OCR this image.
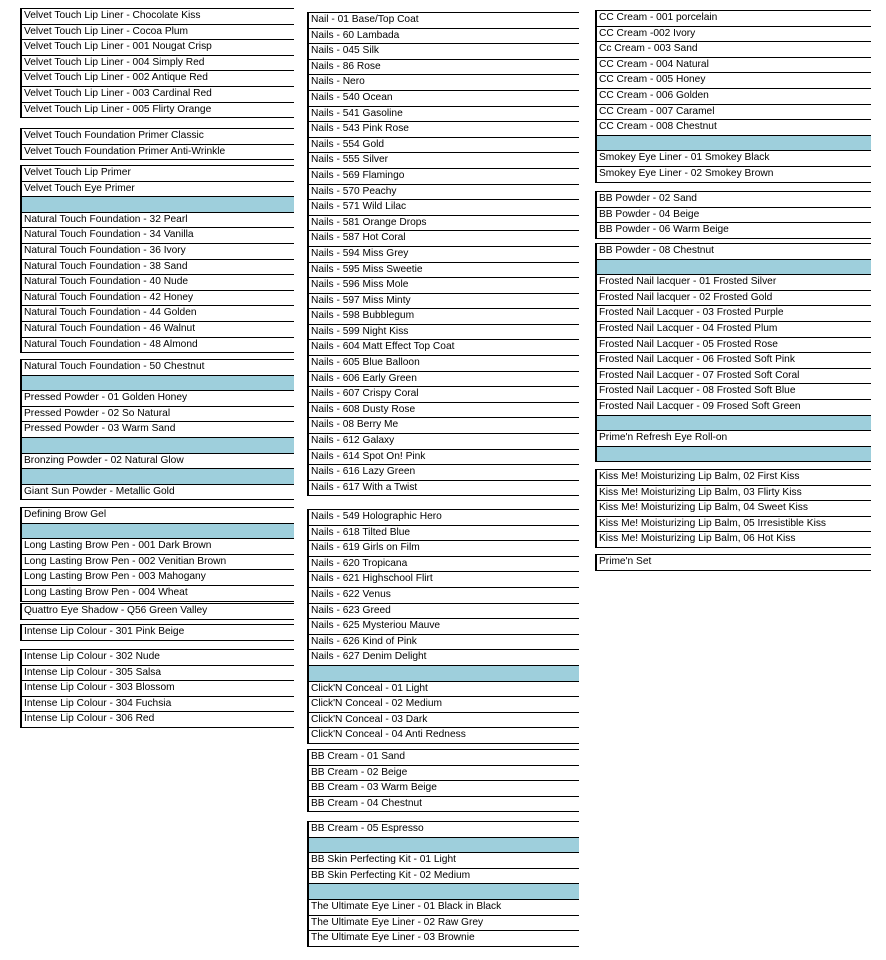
Velvet Touch Lip Liner - Chocolate Kiss
Velvet Touch Lip Liner - Cocoa Plum
Velvet Touch Lip Liner - 001 Nougat Crisp
Velvet Touch Lip Liner - 004 Simply Red
Velvet Touch Lip Liner - 002 Antique Red
Velvet Touch Lip Liner - 003 Cardinal Red
Velvet Touch Lip Liner - 005 Flirty Orange
Velvet Touch Foundation Primer Classic
Velvet Touch Foundation Primer Anti-Wrinkle
Velvet Touch Lip Primer
Velvet Touch Eye Primer
Natural Touch Foundation - 32 Pearl
Natural Touch Foundation - 34 Vanilla
Natural Touch Foundation - 36 Ivory
Natural Touch Foundation - 38 Sand
Natural Touch Foundation - 40 Nude
Natural Touch Foundation - 42 Honey
Natural Touch Foundation - 44 Golden
Natural Touch Foundation - 46 Walnut
Natural Touch Foundation - 48 Almond
Natural Touch Foundation - 50 Chestnut
Pressed Powder - 01 Golden Honey
Pressed Powder - 02 So Natural
Pressed Powder - 03 Warm Sand
Bronzing Powder - 02 Natural Glow
Giant Sun Powder - Metallic Gold
Defining Brow Gel
Long Lasting Brow Pen - 001 Dark Brown
Long Lasting Brow Pen - 002 Venitian Brown
Long Lasting Brow Pen - 003 Mahogany
Long Lasting Brow Pen - 004 Wheat
Quattro Eye Shadow - Q56 Green Valley
Intense Lip Colour - 301 Pink Beige
Intense Lip Colour - 302 Nude
Intense Lip Colour - 305 Salsa
Intense Lip Colour - 303 Blossom
Intense Lip Colour - 304 Fuchsia
Intense Lip Colour - 306 Red
Nail - 01 Base/Top Coat
Nails - 60 Lambada
Nails - 045 Silk
Nails - 86 Rose
Nails - Nero
Nails - 540 Ocean
Nails - 541 Gasoline
Nails - 543 Pink Rose
Nails - 554 Gold
Nails - 555 Silver
Nails - 569 Flamingo
Nails - 570 Peachy
Nails - 571 Wild Lilac
Nails - 581 Orange Drops
Nails - 587 Hot Coral
Nails - 594 Miss Grey
Nails - 595 Miss Sweetie
Nails - 596 Miss Mole
Nails - 597 Miss Minty
Nails - 598 Bubblegum
Nails - 599 Night Kiss
Nails - 604 Matt Effect Top Coat
Nails - 605 Blue Balloon
Nails - 606 Early Green
Nails - 607 Crispy Coral
Nails - 608 Dusty Rose
Nails - 08 Berry Me
Nails - 612 Galaxy
Nails - 614 Spot On! Pink
Nails - 616 Lazy Green
Nails - 617 With a Twist
Nails - 549 Holographic Hero
Nails - 618 Tilted Blue
Nails - 619 Girls on Film
Nails - 620 Tropicana
Nails - 621 Highschool Flirt
Nails - 622 Venus
Nails - 623 Greed
Nails - 625 Mysteriou Mauve
Nails - 626 Kind of Pink
Nails - 627 Denim Delight
Click'N Conceal - 01 Light
Click'N Conceal - 02 Medium
Click'N Conceal - 03 Dark
Click'N Conceal - 04 Anti Redness
BB Cream - 01 Sand
BB Cream - 02 Beige
BB Cream - 03 Warm Beige
BB Cream - 04 Chestnut
BB Cream - 05 Espresso
BB Skin Perfecting Kit - 01 Light
BB Skin Perfecting Kit - 02 Medium
The Ultimate Eye Liner - 01 Black in Black
The Ultimate Eye Liner - 02 Raw Grey
The Ultimate Eye Liner - 03 Brownie
CC Cream - 001 porcelain
CC Cream -002 Ivory
Cc Cream - 003 Sand
CC Cream - 004 Natural
CC Cream - 005 Honey
CC Cream - 006 Golden
CC Cream - 007 Caramel
CC Cream - 008 Chestnut
Smokey Eye Liner - 01 Smokey Black
Smokey Eye Liner - 02 Smokey Brown
BB Powder - 02 Sand
BB Powder - 04 Beige
BB Powder - 06 Warm Beige
BB Powder - 08 Chestnut
Frosted Nail lacquer - 01 Frosted Silver
Frosted Nail lacquer - 02 Frosted Gold
Frosted Nail Lacquer - 03 Frosted Purple
Frosted Nail Lacquer - 04 Frosted Plum
Frosted Nail Lacquer - 05 Frosted Rose
Frosted Nail Lacquer - 06 Frosted Soft Pink
Frosted Nail Lacquer - 07 Frosted Soft Coral
Frosted Nail Lacquer - 08 Frosted Soft Blue
Frosted Nail Lacquer - 09 Frosed Soft Green
Prime'n Refresh Eye Roll-on
Kiss Me! Moisturizing Lip Balm, 02 First Kiss
Kiss Me! Moisturizing Lip Balm, 03 Flirty Kiss
Kiss Me! Moisturizing Lip Balm, 04 Sweet Kiss
Kiss Me! Moisturizing Lip Balm, 05 Irresistible Kiss
Kiss Me! Moisturizing Lip Balm, 06 Hot Kiss
Prime'n Set
